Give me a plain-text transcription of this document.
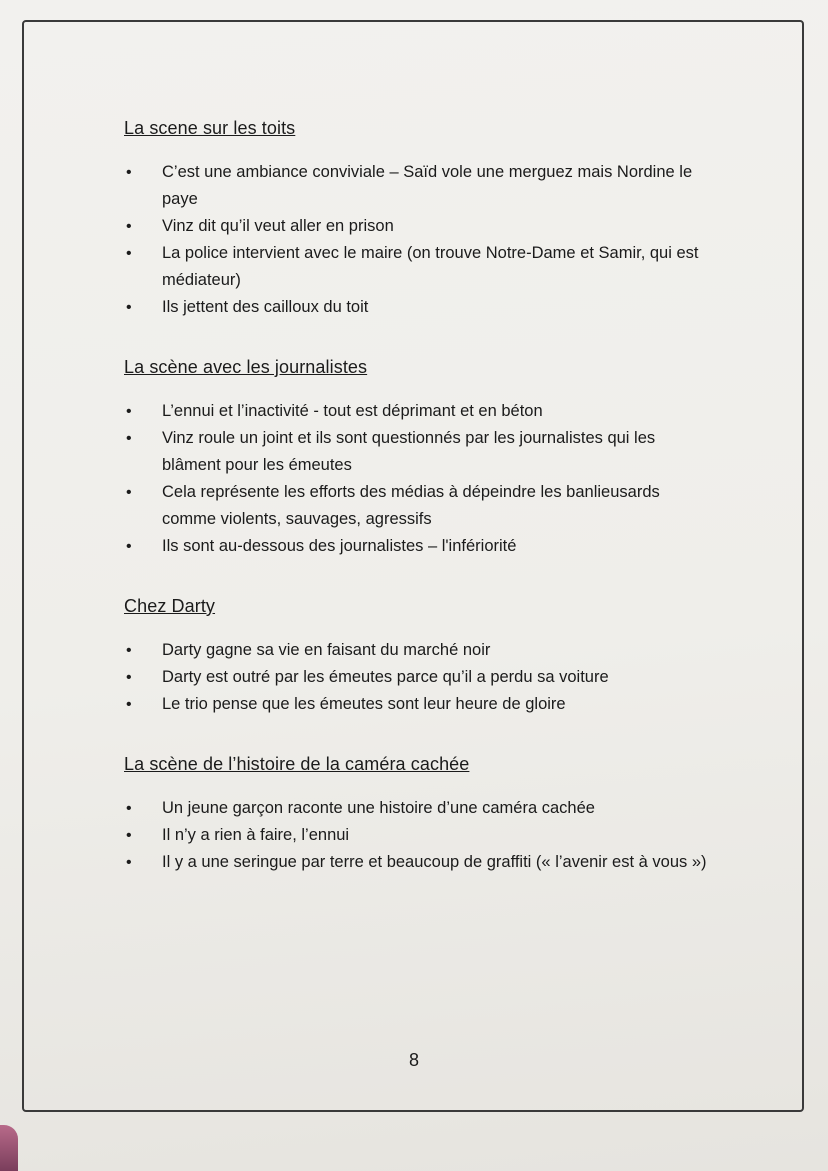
La scene sur les toits
• C’est une ambiance conviviale – Saïd vole une merguez mais Nordine le paye
• Vinz dit qu’il veut aller en prison
• La police intervient avec le maire (on trouve Notre-Dame et Samir, qui est médiateur)
• Ils jettent des cailloux du toit
La scène avec les journalistes
• L’ennui et l’inactivité - tout est déprimant et en béton
• Vinz roule un joint et ils sont questionnés par les journalistes qui les blâment pour les émeutes
• Cela représente les efforts des médias à dépeindre les banlieusards comme violents, sauvages, agressifs
• Ils sont au-dessous des journalistes – l'infériorité
Chez Darty
• Darty gagne sa vie en faisant du marché noir
• Darty est outré par les émeutes parce qu’il a perdu sa voiture
• Le trio pense que les émeutes sont leur heure de gloire
La scène de l’histoire de la caméra cachée
• Un jeune garçon raconte une histoire d’une caméra cachée
• Il n’y a rien à faire, l’ennui
• Il y a une seringue par terre et beaucoup de graffiti (« l’avenir est à vous »)
8
